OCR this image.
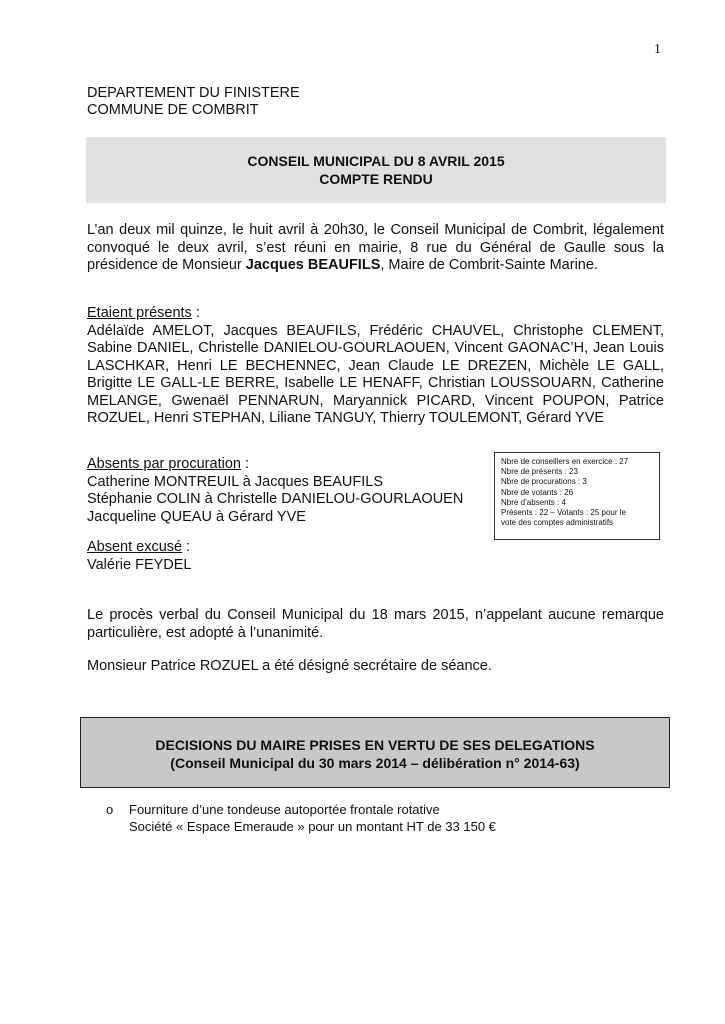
1
DEPARTEMENT DU FINISTERE
COMMUNE DE COMBRIT
CONSEIL MUNICIPAL DU 8 AVRIL 2015
COMPTE RENDU
L’an deux mil quinze, le huit avril à 20h30, le Conseil Municipal de Combrit, légalement convoqué le deux avril, s’est réuni en mairie, 8 rue du Général de Gaulle sous la présidence de Monsieur Jacques BEAUFILS, Maire de Combrit-Sainte Marine.
Etaient présents :
Adélaïde AMELOT, Jacques BEAUFILS, Frédéric CHAUVEL, Christophe CLEMENT, Sabine DANIEL, Christelle DANIELOU-GOURLAOUEN, Vincent GAONAC’H, Jean Louis LASCHKAR, Henri LE BECHENNEC, Jean Claude LE DREZEN, Michèle LE GALL, Brigitte LE GALL-LE BERRE, Isabelle LE HENAFF, Christian LOUSSOUARN, Catherine MELANGE, Gwenaël PENNARUN, Maryannick PICARD, Vincent POUPON, Patrice ROZUEL, Henri STEPHAN, Liliane TANGUY, Thierry TOULEMONT, Gérard YVE
Absents par procuration :
Catherine MONTREUIL à Jacques BEAUFILS
Stéphanie COLIN à Christelle DANIELOU-GOURLAOUEN
Jacqueline QUEAU à Gérard YVE
Nbre de conseillers en exercice : 27
Nbre de présents : 23
Nbre de procurations : 3
Nbre de votants : 26
Nbre d’absents : 4
Présents : 22 – Votants : 25 pour le
vote des comptes administratifs
Absent excusé :
Valérie FEYDEL
Le procès verbal du Conseil Municipal du 18 mars 2015, n’appelant aucune remarque particulière, est adopté à l’unanimité.
Monsieur Patrice ROZUEL a été désigné secrétaire de séance.
DECISIONS DU MAIRE PRISES EN VERTU DE SES DELEGATIONS
(Conseil Municipal du 30 mars 2014 – délibération n° 2014-63)
o Fourniture d’une tondeuse autoportée frontale rotative
Société « Espace Emeraude » pour un montant HT de 33 150 €
